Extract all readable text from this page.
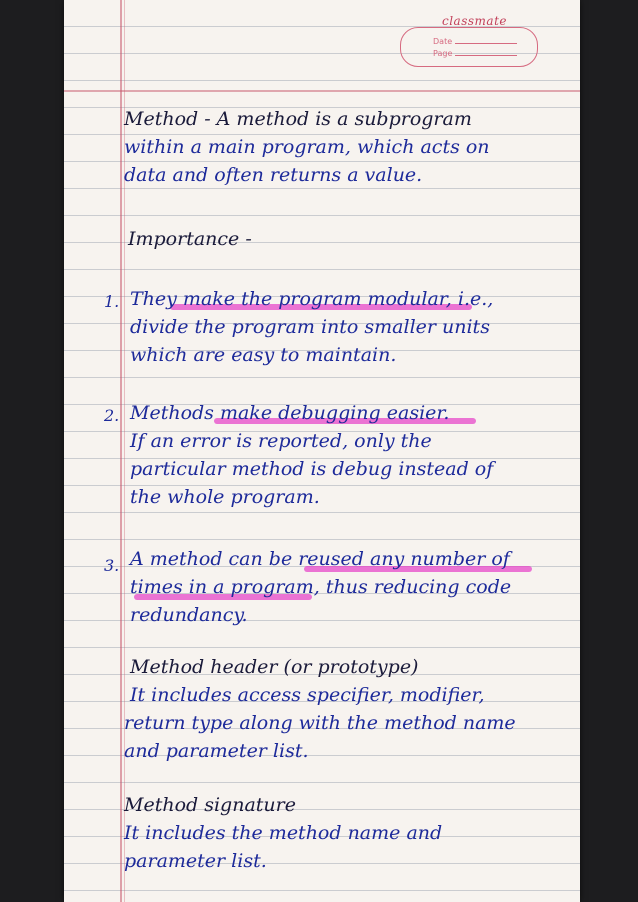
classmate
Date
Page
Method - A method is a subprogram
within a main program, which acts on
data and often returns a value.
Importance -
1. They make the program modular, i.e.,
divide the program into smaller units
which are easy to maintain.
2. Methods make debugging easier.
If an error is reported, only the
particular method is debug instead of
the whole program.
3. A method can be reused any number of
times in a program, thus reducing code
redundancy.
Method header (or prototype)
It includes access specifier, modifier,
return type along with the method name
and parameter list.
Method signature
It includes the method name and
parameter list.
